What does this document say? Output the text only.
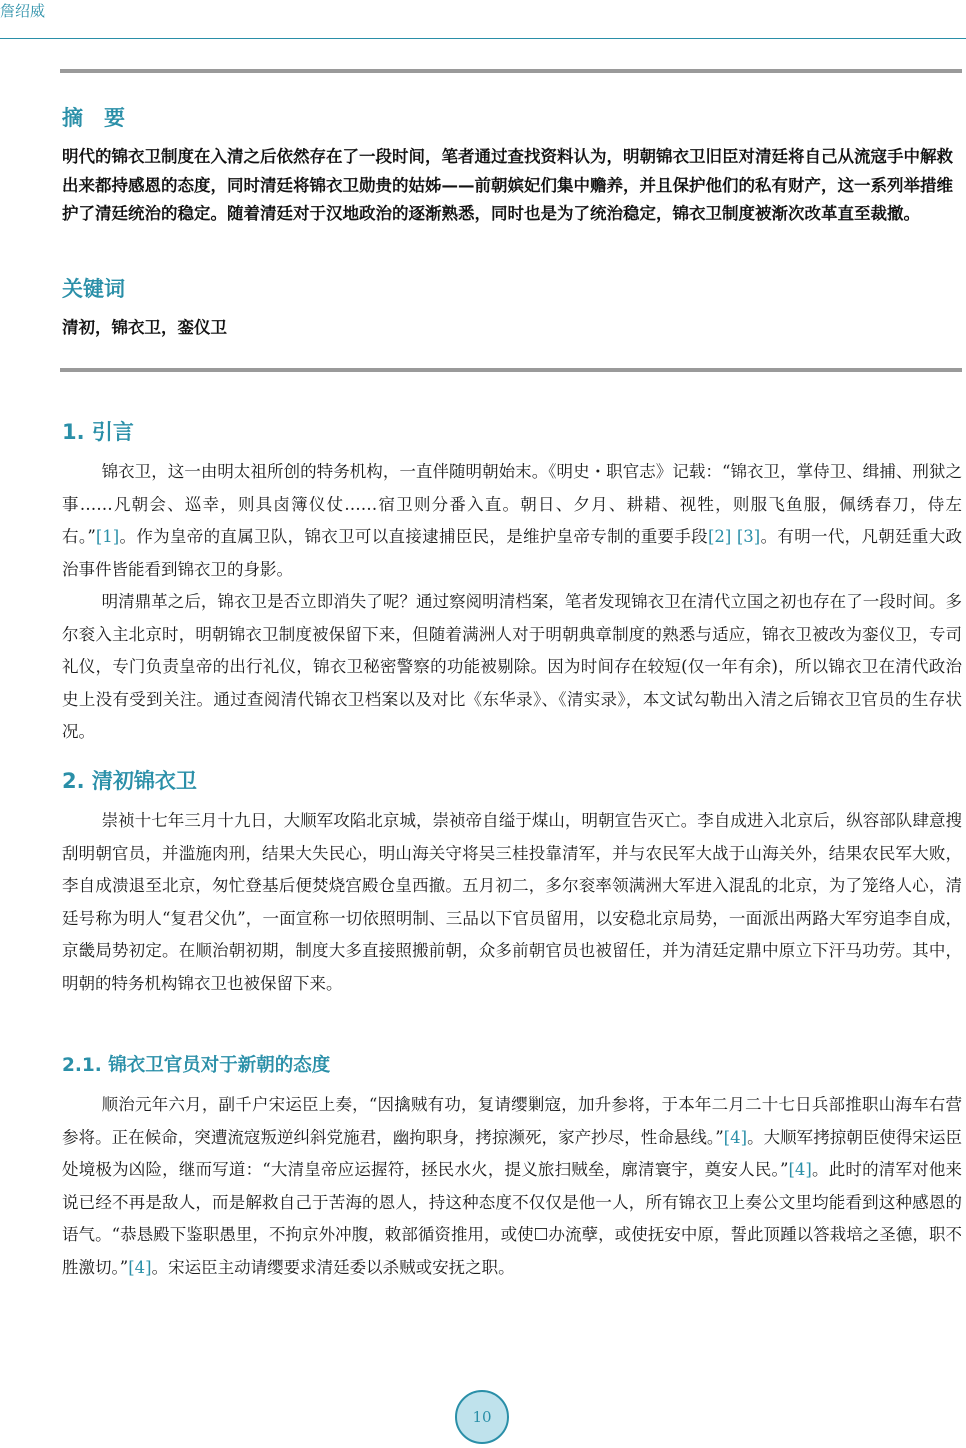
詹绍威
摘　要

明代的锦衣卫制度在入清之后依然存在了一段时间，笔者通过查找资料认为，明朝锦衣卫旧臣对清廷将自己从流寇手中解救出来都持感恩的态度，同时清廷将锦衣卫勋贵的姑姊——前朝嫔妃们集中赡养，并且保护他们的私有财产，这一系列举措维护了清廷统治的稳定。随着清廷对于汉地政治的逐渐熟悉，同时也是为了统治稳定，锦衣卫制度被渐次改革直至裁撤。

关键词

清初，锦衣卫，銮仪卫

1. 引言

锦衣卫，这一由明太祖所创的特务机构，一直伴随明朝始末。《明史・职官志》记载：“锦衣卫，掌侍卫、缉捕、刑狱之事……凡朝会、巡幸，则具卤簿仪仗……宿卫则分番入直。朝日、夕月、耕耤、视牲，则服飞鱼服，佩绣春刀，侍左右。”[1]。作为皇帝的直属卫队，锦衣卫可以直接逮捕臣民，是维护皇帝专制的重要手段[2] [3]。有明一代，凡朝廷重大政治事件皆能看到锦衣卫的身影。

明清鼎革之后，锦衣卫是否立即消失了呢？通过察阅明清档案，笔者发现锦衣卫在清代立国之初也存在了一段时间。多尔衮入主北京时，明朝锦衣卫制度被保留下来，但随着满洲人对于明朝典章制度的熟悉与适应，锦衣卫被改为銮仪卫，专司礼仪，专门负责皇帝的出行礼仪，锦衣卫秘密警察的功能被剔除。因为时间存在较短(仅一年有余)，所以锦衣卫在清代政治史上没有受到关注。通过查阅清代锦衣卫档案以及对比《东华录》、《清实录》，本文试勾勒出入清之后锦衣卫官员的生存状况。

2. 清初锦衣卫

崇祯十七年三月十九日，大顺军攻陷北京城，崇祯帝自缢于煤山，明朝宣告灭亡。李自成进入北京后，纵容部队肆意搜刮明朝官员，并滥施肉刑，结果大失民心，明山海关守将吴三桂投靠清军，并与农民军大战于山海关外，结果农民军大败，李自成溃退至北京，匆忙登基后便焚烧宫殿仓皇西撤。五月初二，多尔衮率领满洲大军进入混乱的北京，为了笼络人心，清廷号称为明人“复君父仇”，一面宣称一切依照明制、三品以下官员留用，以安稳北京局势，一面派出两路大军穷追李自成，京畿局势初定。在顺治朝初期，制度大多直接照搬前朝，众多前朝官员也被留任，并为清廷定鼎中原立下汗马功劳。其中，明朝的特务机构锦衣卫也被保留下来。

2.1. 锦衣卫官员对于新朝的态度

顺治元年六月，副千户宋运臣上奏，“因擒贼有功，复请缨剿寇，加升参将，于本年二月二十七日兵部推职山海车右营参将。正在候命，突遭流寇叛逆纠斜党施君，幽拘职身，拷掠濒死，家产抄尽，性命悬线。”[4]。大顺军拷掠朝臣使得宋运臣处境极为凶险，继而写道：“大清皇帝应运握符，拯民水火，提义旅扫贼垒，廓清寰宇，奠安人民。”[4]。此时的清军对他来说已经不再是敌人，而是解救自己于苦海的恩人，持这种态度不仅仅是他一人，所有锦衣卫上奏公文里均能看到这种感恩的语气。“恭恳殿下鉴职愚里，不拘京外冲腹，敕部循资推用，或使☐办流孽，或使抚安中原，誓此顶踵以答栽培之圣德，职不胜激切。”[4]。宋运臣主动请缨要求清廷委以杀贼或安抚之职。

10
